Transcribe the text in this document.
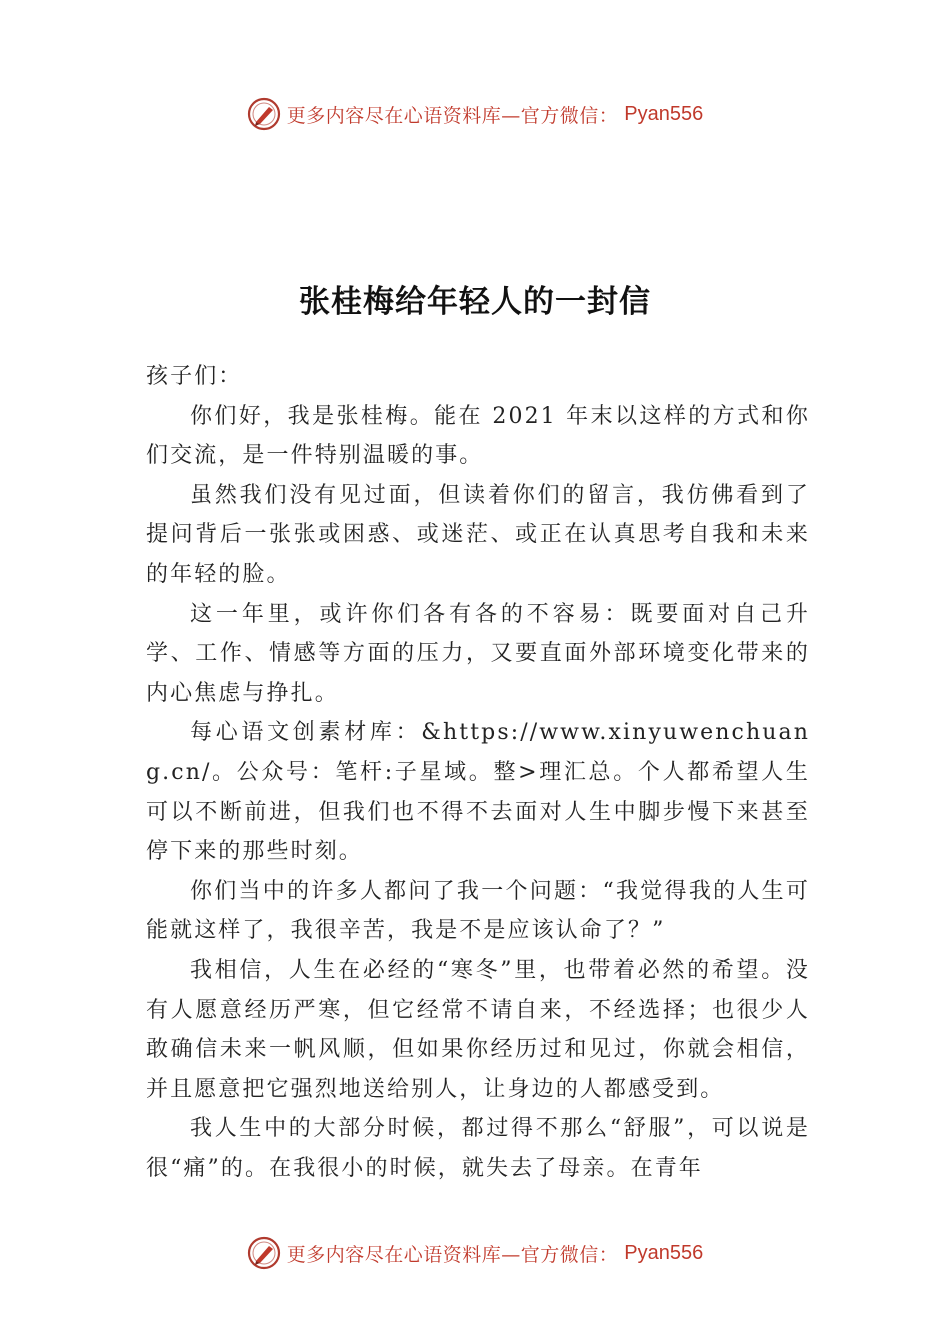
更多内容尽在心语资料库—官方微信： Pyan556
张桂梅给年轻人的一封信

孩子们：

你们好，我是张桂梅。能在 2021 年末以这样的方式和你们交流，是一件特别温暖的事。

虽然我们没有见过面，但读着你们的留言，我仿佛看到了提问背后一张张或困惑、或迷茫、或正在认真思考自我和未来的年轻的脸。

这一年里，或许你们各有各的不容易：既要面对自己升学、工作、情感等方面的压力，又要直面外部环境变化带来的内心焦虑与挣扎。

每心语文创素材库：&https://www.xinyuwenchuang.cn/。公众号：笔杆:子星域。整>理汇总。个人都希望人生可以不断前进，但我们也不得不去面对人生中脚步慢下来甚至停下来的那些时刻。

你们当中的许多人都问了我一个问题：“我觉得我的人生可能就这样了，我很辛苦，我是不是应该认命了？”

我相信，人生在必经的“寒冬”里，也带着必然的希望。没有人愿意经历严寒，但它经常不请自来，不经选择；也很少人敢确信未来一帆风顺，但如果你经历过和见过，你就会相信，并且愿意把它强烈地送给别人，让身边的人都感受到。

我人生中的大部分时候，都过得不那么“舒服”，可以说是很“痛”的。在我很小的时候，就失去了母亲。在青年

更多内容尽在心语资料库—官方微信： Pyan556
